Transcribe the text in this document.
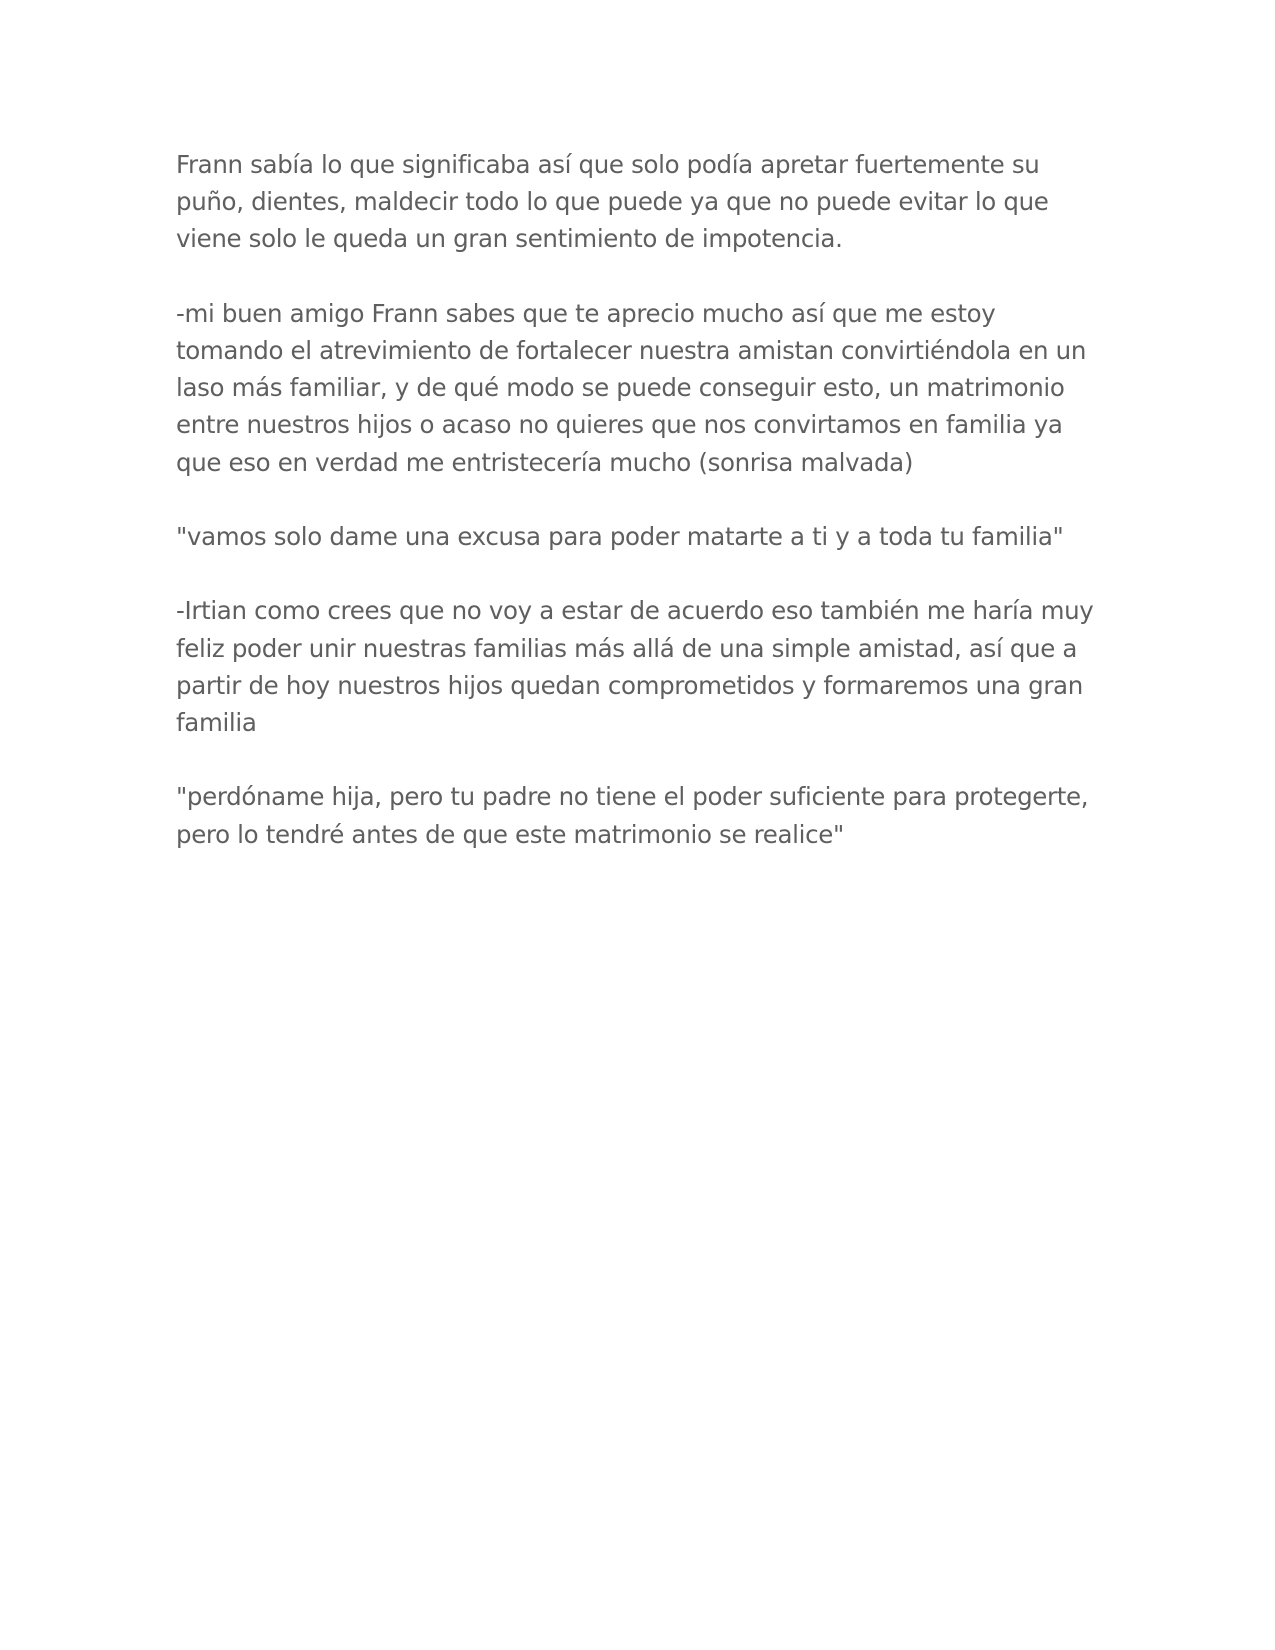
Frann sabía lo que significaba así que solo podía apretar fuertemente su puño, dientes, maldecir todo lo que puede ya que no puede evitar lo que viene solo le queda un gran sentimiento de impotencia.

-mi buen amigo Frann sabes que te aprecio mucho así que me estoy tomando el atrevimiento de fortalecer nuestra amistan convirtiéndola en un laso más familiar, y de qué modo se puede conseguir esto, un matrimonio entre nuestros hijos o acaso no quieres que nos convirtamos en familia ya que eso en verdad me entristecería mucho (sonrisa malvada)

"vamos solo dame una excusa para poder matarte a ti y a toda tu familia"

-Irtian como crees que no voy a estar de acuerdo eso también me haría muy feliz poder unir nuestras familias más allá de una simple amistad, así que a partir de hoy nuestros hijos quedan comprometidos y formaremos una gran familia

"perdóname hija, pero tu padre no tiene el poder suficiente para protegerte, pero lo tendré antes de que este matrimonio se realice"
